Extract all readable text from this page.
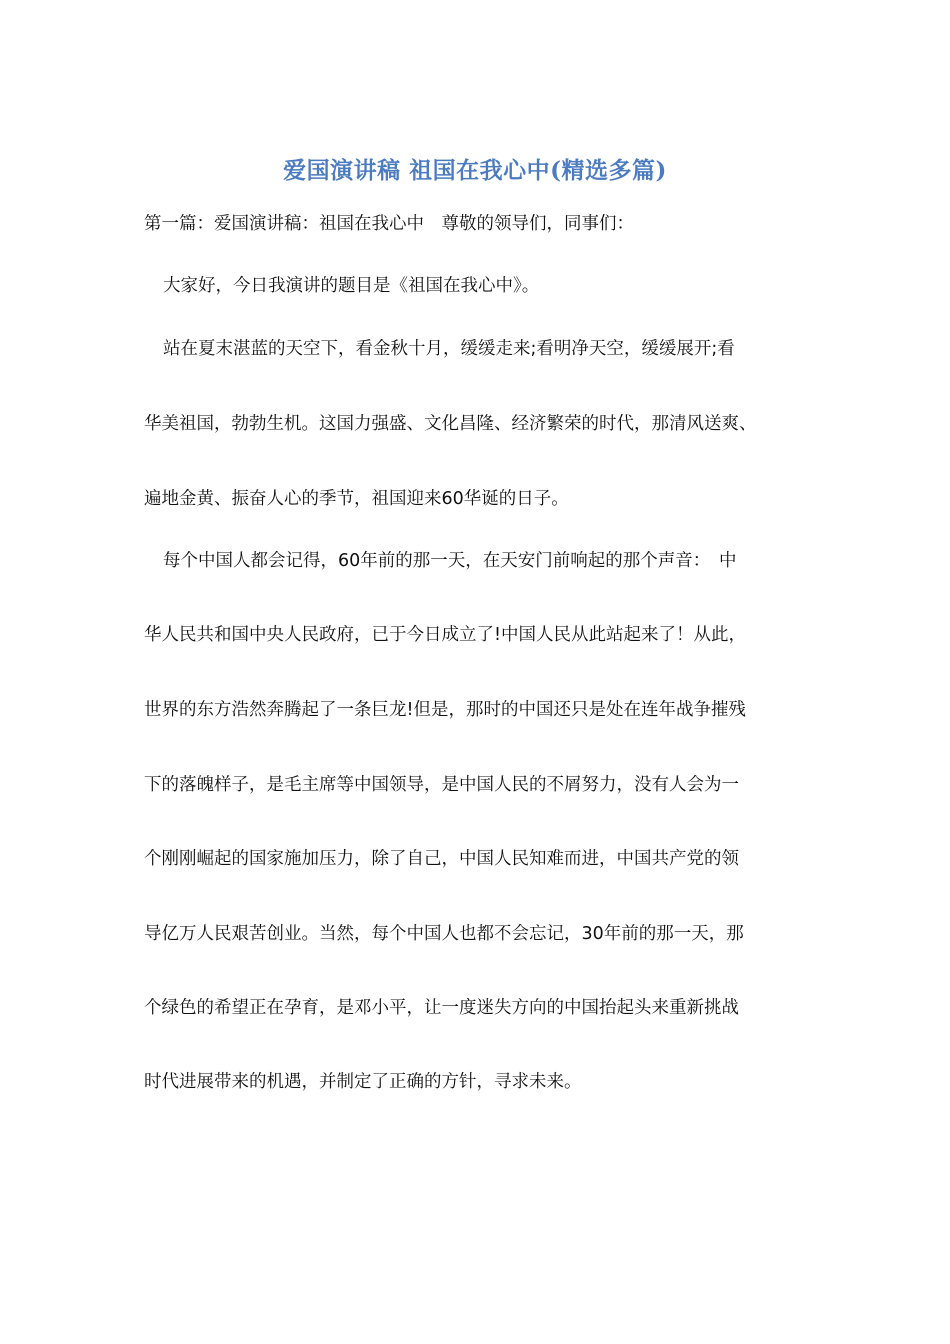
爱国演讲稿 祖国在我心中(精选多篇)
第一篇：爱国演讲稿：祖国在我心中　尊敬的领导们，同事们：
大家好，今日我演讲的题目是《祖国在我心中》。
站在夏末湛蓝的天空下，看金秋十月，缓缓走来;看明净天空，缓缓展开;看
华美祖国，勃勃生机。这国力强盛、文化昌隆、经济繁荣的时代，那清风送爽、
遍地金黄、振奋人心的季节，祖国迎来60华诞的日子。
每个中国人都会记得，60年前的那一天，在天安门前响起的那个声音：　中
华人民共和国中央人民政府，已于今日成立了!中国人民从此站起来了！从此，
世界的东方浩然奔腾起了一条巨龙!但是，那时的中国还只是处在连年战争摧残
下的落魄样子，是毛主席等中国领导，是中国人民的不屑努力，没有人会为一
个刚刚崛起的国家施加压力，除了自己，中国人民知难而进，中国共产党的领
导亿万人民艰苦创业。当然，每个中国人也都不会忘记，30年前的那一天，那
个绿色的希望正在孕育，是邓小平，让一度迷失方向的中国抬起头来重新挑战
时代进展带来的机遇，并制定了正确的方针，寻求未来。
